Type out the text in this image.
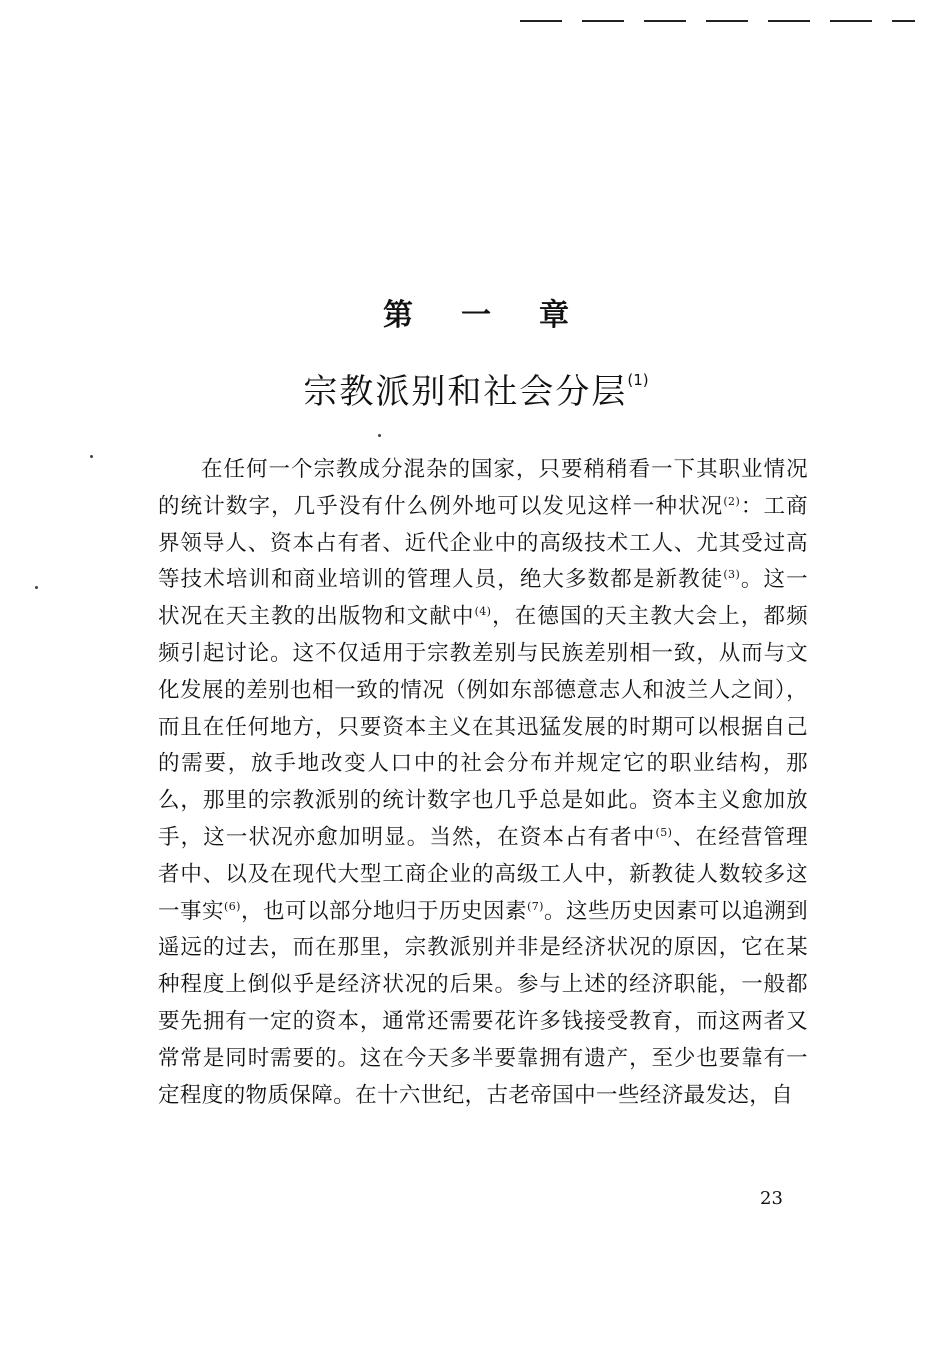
第一章
宗教派别和社会分层$^{(1)}$

在任何一个宗教成分混杂的国家，只要稍稍看一下其职业情况的统计数字，几乎没有什么例外地可以发见这样一种状况$^{(2)}$：工商界领导人、资本占有者、近代企业中的高级技术工人、尤其受过高等技术培训和商业培训的管理人员，绝大多数都是新教徒$^{(3)}$。这一状况在天主教的出版物和文献中$^{(4)}$，在德国的天主教大会上，都频频引起讨论。这不仅适用于宗教差别与民族差别相一致，从而与文化发展的差别也相一致的情况（例如东部德意志人和波兰人之间），而且在任何地方，只要资本主义在其迅猛发展的时期可以根据自己的需要，放手地改变人口中的社会分布并规定它的职业结构，那么，那里的宗教派别的统计数字也几乎总是如此。资本主义愈加放手，这一状况亦愈加明显。当然，在资本占有者中$^{(5)}$、在经营管理者中、以及在现代大型工商企业的高级工人中，新教徒人数较多这一事实$^{(6)}$，也可以部分地归于历史因素$^{(7)}$。这些历史因素可以追溯到遥远的过去，而在那里，宗教派别并非是经济状况的原因，它在某种程度上倒似乎是经济状况的后果。参与上述的经济职能，一般都要先拥有一定的资本，通常还需要花许多钱接受教育，而这两者又常常是同时需要的。这在今天多半要靠拥有遗产，至少也要靠有一定程度的物质保障。在十六世纪，古老帝国中一些经济最发达，自

23
